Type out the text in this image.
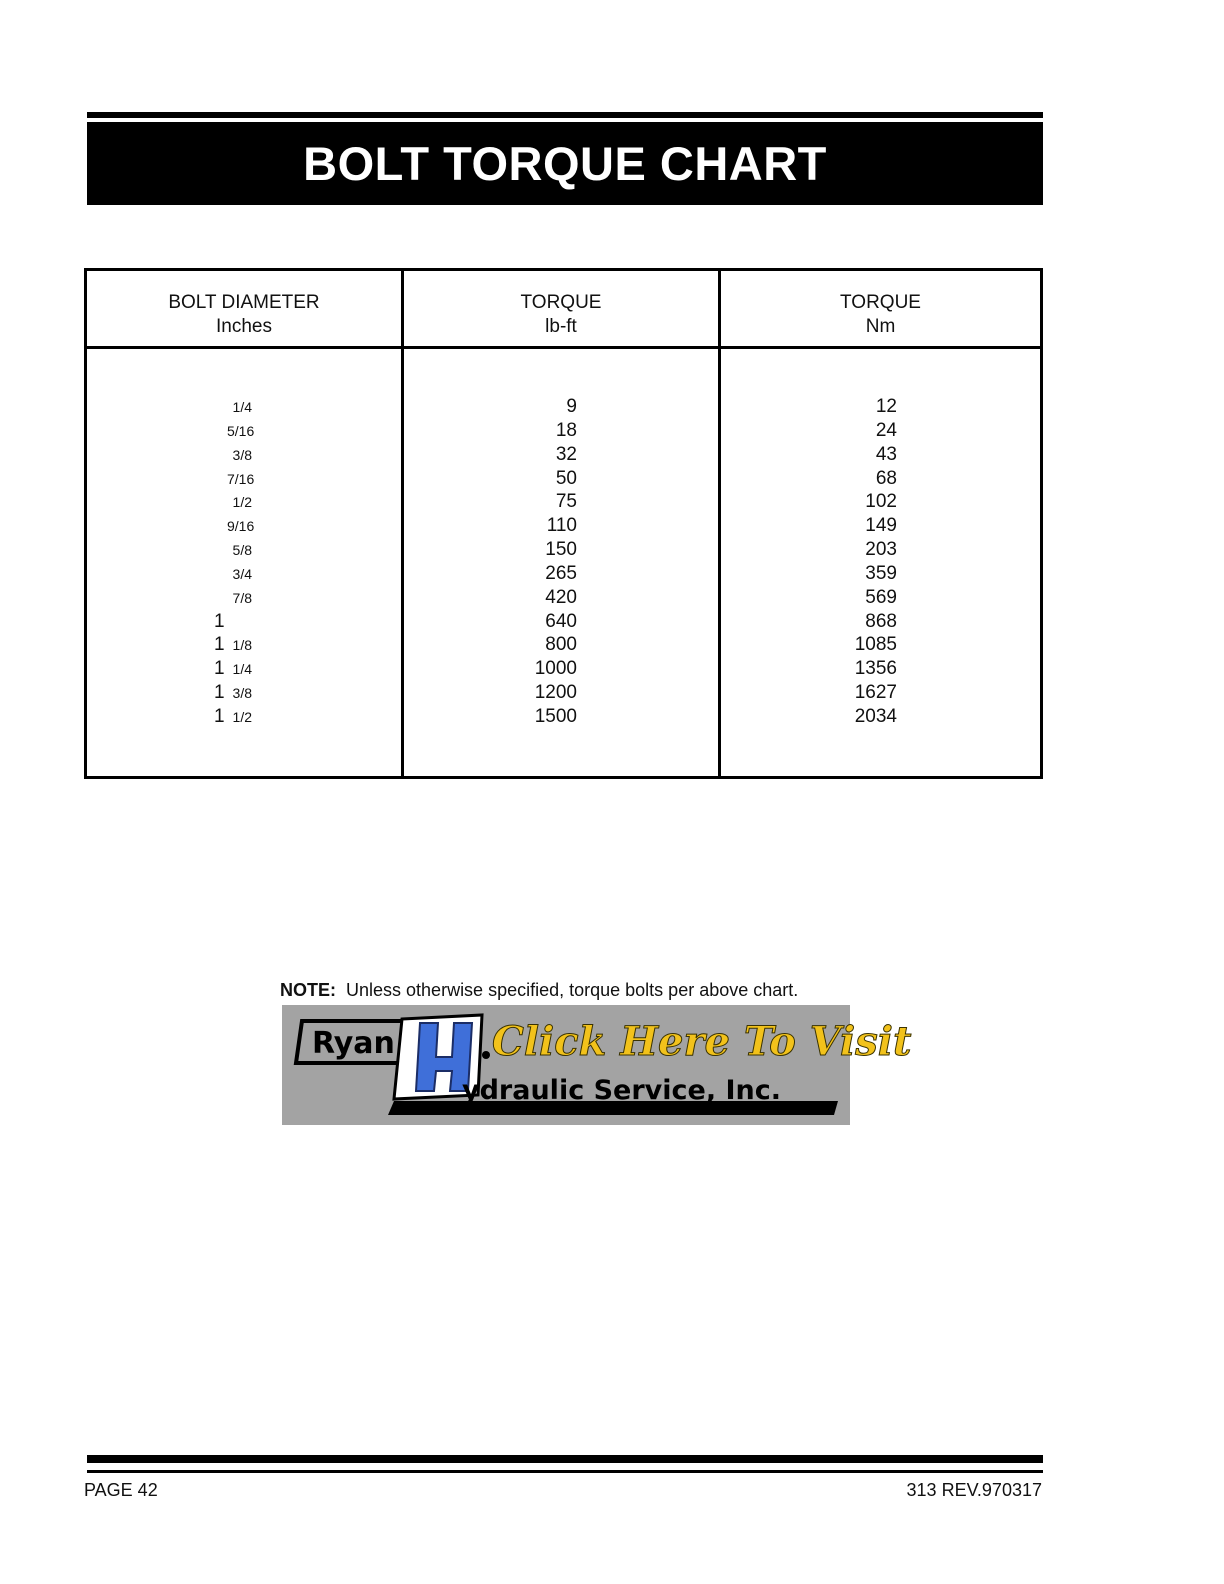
BOLT TORQUE CHART
BOLT DIAMETER
Inches
TORQUE
lb-ft
TORQUE
Nm
1/4
5/16
3/8
7/16
1/2
9/16
5/8
3/4
7/8
1
1 1/8
1 1/4
1 3/8
1 1/2
9
18
32
50
75
110
150
265
420
640
800
1000
1200
1500
12
24
43
68
102
149
203
359
569
868
1085
1356
1627
2034
NOTE: Unless otherwise specified, torque bolts per above chart.
Ryan Click Here To Visit
ydraulic Service, Inc.
PAGE 42	313 REV.970317
